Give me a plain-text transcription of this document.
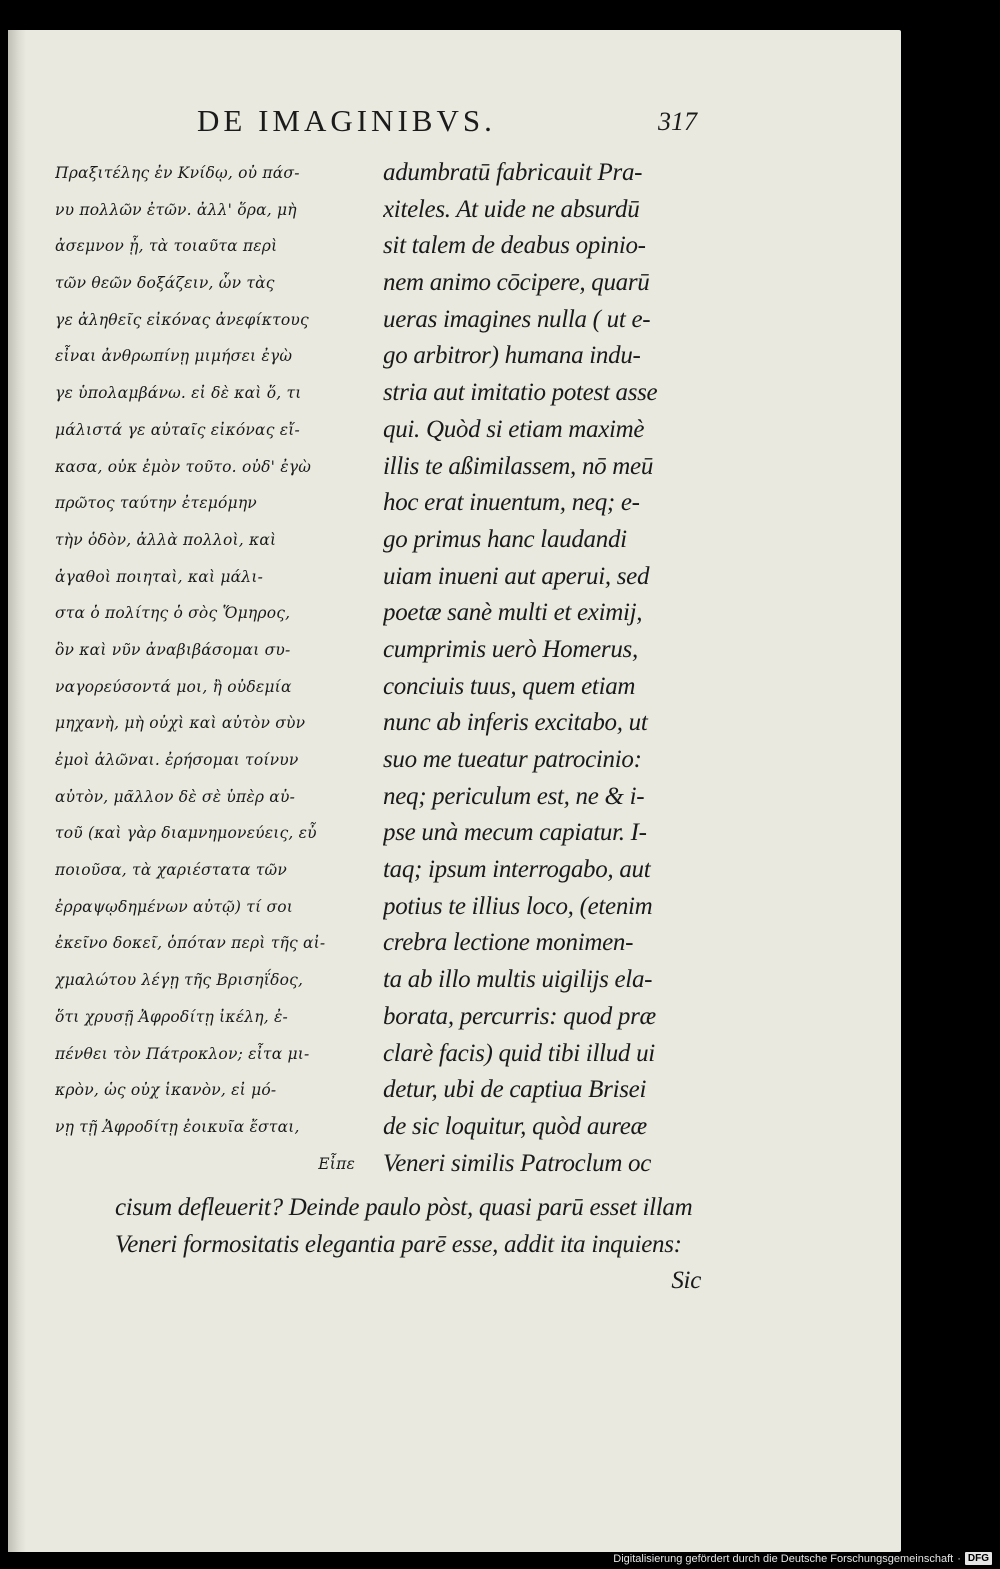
DE IMAGINIBVS.	317
Πραξιτέλης ἐν Κνίδῳ, οὐ πάσ-
νυ πολλῶν ἐτῶν. ἀλλ' ὅρα, μὴ
ἀσεμνον ᾖ, τὰ τοιαῦτα περὶ
τῶν θεῶν δοξάζειν, ὧν τὰς
γε ἀληθεῖς εἰκόνας ἀνεφίκτους
εἶναι ἀνθρωπίνῃ μιμήσει ἐγὼ
γε ὑπολαμβάνω. εἰ δὲ καὶ ὅ, τι
μάλιστά γε αὐταῖς εἰκόνας εἴ-
κασα, οὐκ ἐμὸν τοῦτο. οὐδ' ἐγὼ
πρῶτος ταύτην ἐτεμόμην
τὴν ὁδὸν, ἀλλὰ πολλοὶ, καὶ
ἀγαθοὶ ποιηταὶ, καὶ μάλι-
στα ὁ πολίτης ὁ σὸς Ὅμηρος,
ὃν καὶ νῦν ἀναβιβάσομαι συ-
ναγορεύσοντά μοι, ἢ οὐδεμία
μηχανὴ, μὴ οὐχὶ καὶ αὐτὸν σὺν
ἐμοὶ ἁλῶναι. ἐρήσομαι τοίνυν
αὐτὸν, μᾶλλον δὲ σὲ ὑπὲρ αὐ-
τοῦ (καὶ γὰρ διαμνημονεύεις, εὖ
ποιοῦσα, τὰ χαριέστατα τῶν
ἐρραψῳδημένων αὐτῷ) τί σοι
ἐκεῖνο δοκεῖ, ὁπόταν περὶ τῆς αἰ-
χμαλώτου λέγῃ τῆς Βρισηΐδος,
ὅτι χρυσῇ Ἀφροδίτῃ ἰκέλη, ἐ-
πένθει τὸν Πάτροκλον; εἶτα μι-
κρὸν, ὡς οὐχ ἱκανὸν, εἰ μό-
νῃ τῇ Ἀφροδίτῃ ἐοικυῖα ἔσται,
Εἶπε
adumbratū fabricauit Pra-
xiteles. At uide ne absurdū
sit talem de deabus opinio-
nem animo cōcipere, quarū
ueras imagines nulla ( ut e-
go arbitror) humana indu-
stria aut imitatio potest asse
qui. Quòd si etiam maximè
illis te aßimilassem, nō meū
hoc erat inuentum, neq; e-
go primus hanc laudandi
uiam inueni aut aperui, sed
poetæ sanè multi et eximij,
cumprimis uerò Homerus,
conciuis tuus, quem etiam
nunc ab inferis excitabo, ut
suo me tueatur patrocinio:
neq; periculum est, ne & i-
pse unà mecum capiatur. I-
taq; ipsum interrogabo, aut
potius te illius loco, (etenim
crebra lectione monimen-
ta ab illo multis uigilijs ela-
borata, percurris: quod præ
clarè facis) quid tibi illud ui
detur, ubi de captiua Brisei
de sic loquitur, quòd aureæ
Veneri similis Patroclum oc
cisum defleuerit? Deinde paulo pòst, quasi parū esset illam
Veneri formositatis elegantia parē esse, addit ita inquiens:
Sic
Digitalisierung gefördert durch die Deutsche Forschungsgemeinschaft · DFG
